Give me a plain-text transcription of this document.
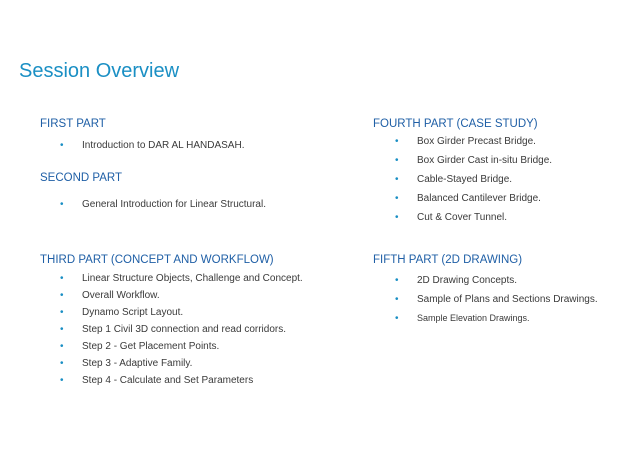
Session Overview
FIRST PART
• Introduction to DAR AL HANDASAH.
SECOND PART
• General Introduction for Linear Structural.
THIRD PART (CONCEPT AND WORKFLOW)
• Linear Structure Objects, Challenge and Concept.
• Overall Workflow.
• Dynamo Script Layout.
• Step 1 Civil 3D connection and read corridors.
• Step 2 - Get Placement Points.
• Step 3 - Adaptive Family.
• Step 4 - Calculate and Set Parameters
FOURTH PART (CASE STUDY)
• Box Girder Precast Bridge.
• Box Girder Cast in-situ Bridge.
• Cable-Stayed Bridge.
• Balanced Cantilever Bridge.
• Cut & Cover Tunnel.
FIFTH PART (2D DRAWING)
• 2D Drawing Concepts.
• Sample of Plans and Sections Drawings.
• Sample Elevation Drawings.
